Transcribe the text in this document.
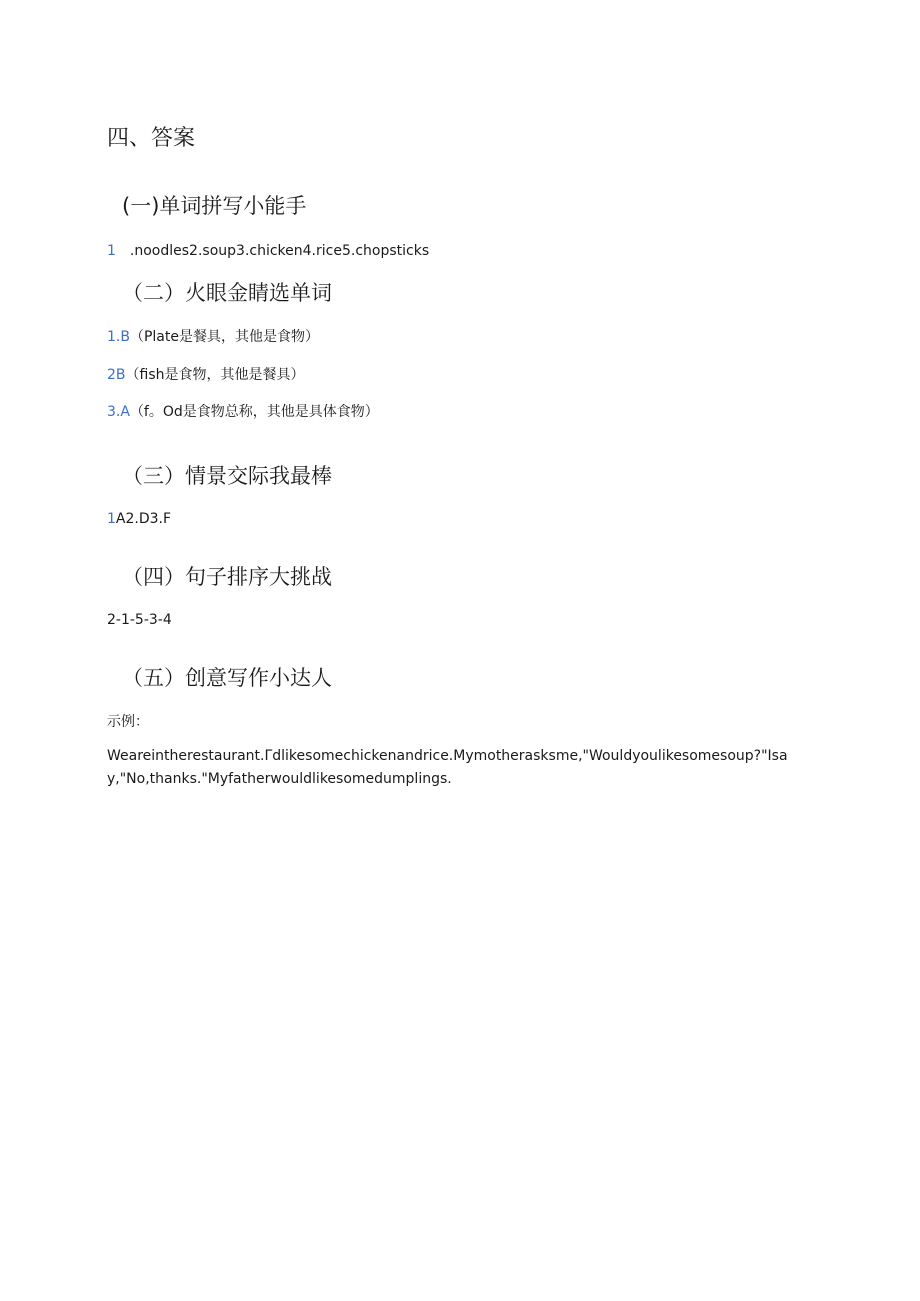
四、答案
(一)单词拼写小能手
1 .noodles2.soup3.chicken4.rice5.chopsticks
（二）火眼金睛选单词
1.B（Plate是餐具，其他是食物）
2B（fish是食物，其他是餐具）
3.A（f。Od是食物总称，其他是具体食物）
（三）情景交际我最棒
1A2.D3.F
（四）句子排序大挑战
2-1-5-3-4
（五）创意写作小达人
示例：

Weareintherestaurant.Γdlikesomechickenandrice.Mymotherasksme,"Wouldyoulikesomesoup?"Isay,"No,thanks."Myfatherwouldlikesomedumplings.
